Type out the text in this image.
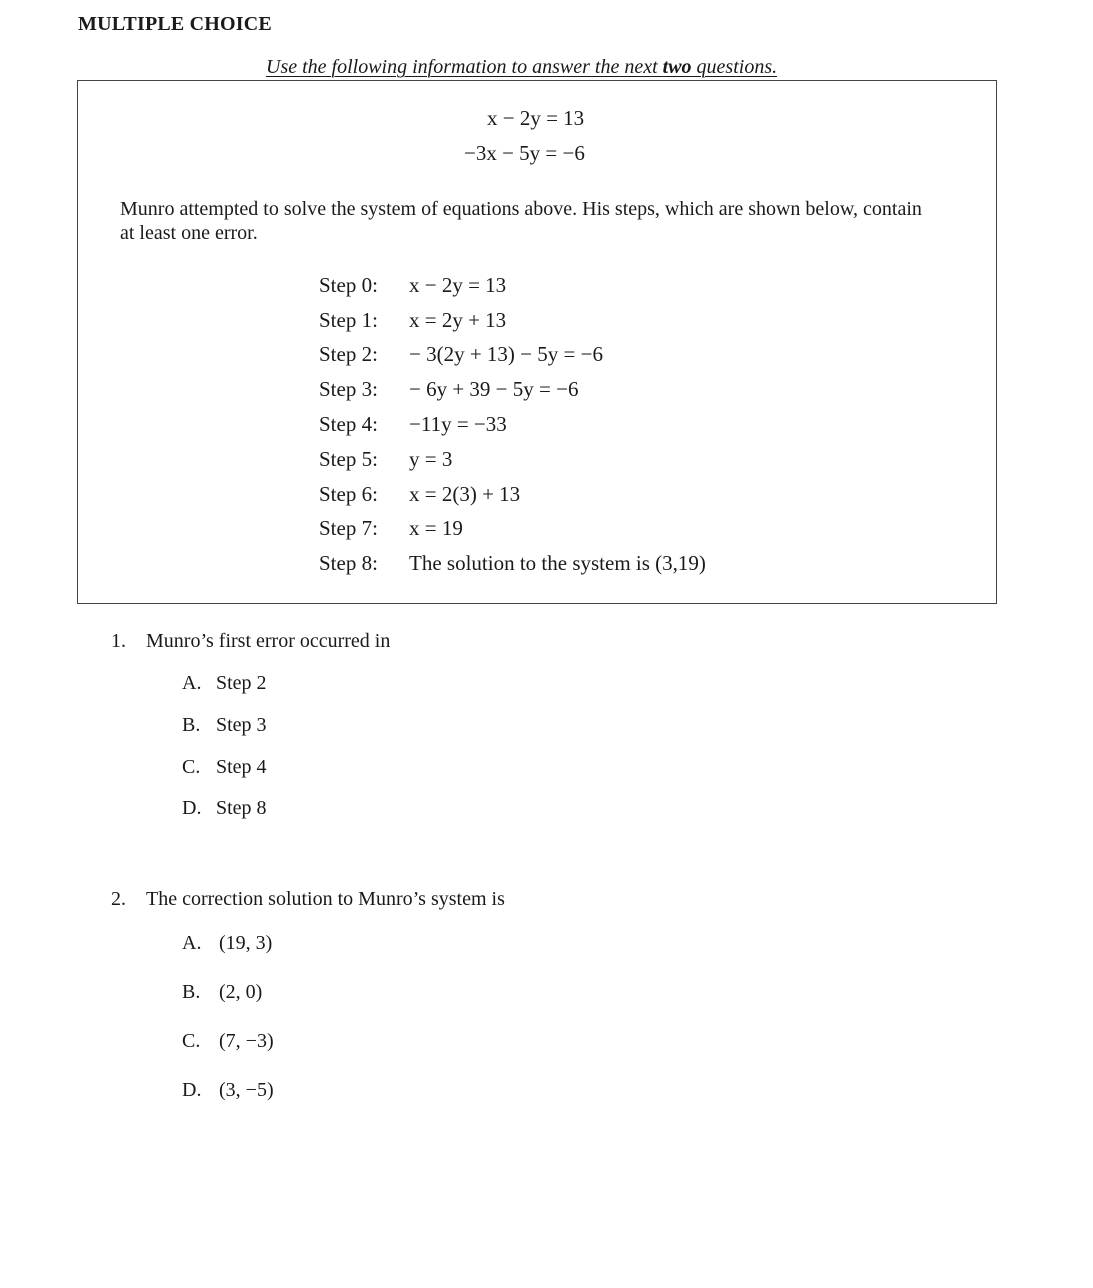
MULTIPLE CHOICE
Use the following information to answer the next two questions.
x − 2y = 13
−3x − 5y = −6
Munro attempted to solve the system of equations above. His steps, which are shown below, contain at least one error.
Step 0:	x − 2y = 13
Step 1:	x = 2y + 13
Step 2:	− 3(2y + 13) − 5y = −6
Step 3:	− 6y + 39 − 5y = −6
Step 4:	−11y = −33
Step 5:	y = 3
Step 6:	x = 2(3) + 13
Step 7:	x = 19
Step 8:	The solution to the system is (3,19)
1. Munro’s first error occurred in
A. Step 2
B. Step 3
C. Step 4
D. Step 8
2. The correction solution to Munro’s system is
A. (19, 3)
B. (2, 0)
C. (7, −3)
D. (3, −5)
